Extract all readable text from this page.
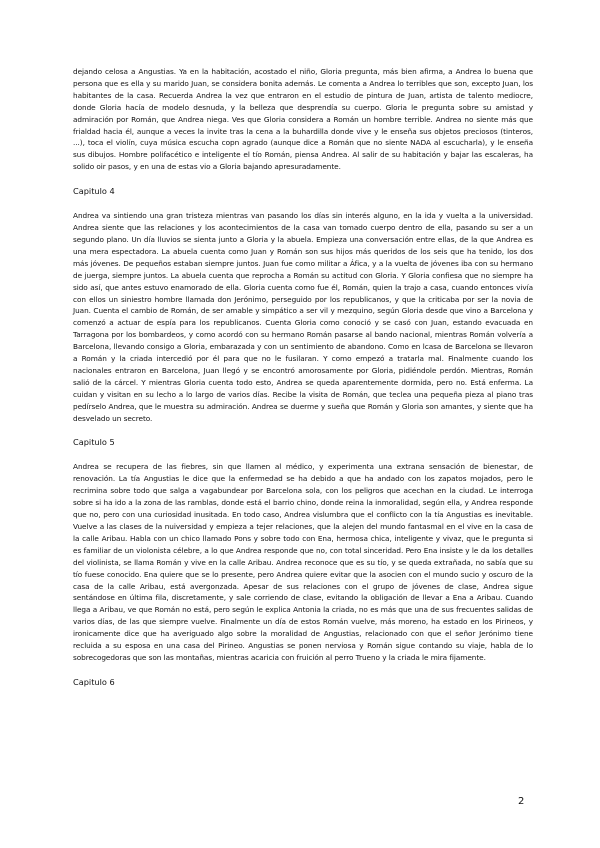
dejando celosa a Angustias. Ya en la habitación, acostado el niño, Gloria pregunta, más bien afirma, a Andrea lo buena que persona que es ella y su marido Juan, se considera bonita además. Le comenta a Andrea lo terribles que son, excepto Juan, los habitantes de la casa. Recuerda Andrea la vez que entraron en el estudio de pintura de Juan, artista de talento mediocre, donde Gloria hacía de modelo desnuda, y la belleza que desprendía su cuerpo. Gloria le pregunta sobre su amistad y admiración por Román, que Andrea niega. Ves que Gloria considera a Román un hombre terrible. Andrea no siente más que frialdad hacia él, aunque a veces la invite tras la cena a la buhardilla donde vive y le enseña sus objetos preciosos (tinteros, ...), toca el violín, cuya música escucha copn agrado (aunque dice a Román que no siente NADA al escucharla), y le enseña sus dibujos. Hombre polifacético e inteligente el tío Román, piensa Andrea. Al salir de su habitación y bajar las escaleras, ha solido oir pasos, y en una de estas vio a Gloria bajando apresuradamente.

Capitulo 4

Andrea va sintiendo una gran tristeza mientras van pasando los días sin interés alguno, en la ida y vuelta a la universidad. Andrea siente que las relaciones y los acontecimientos de la casa van tomado cuerpo dentro de ella, pasando su ser a un segundo plano. Un día lluvios se sienta junto a Gloria y la abuela. Empieza una conversación entre ellas, de la que Andrea es una mera espectadora. La abuela cuenta como Juan y Román son sus hijos más queridos de los seis que ha tenido, los dos más jóvenes. De pequeños estaban siempre juntos. Juan fue como militar a Áfica, y a la vuelta de jóvenes iba con su hermano de juerga, siempre juntos. La abuela cuenta que reprocha a Román su actitud con Gloria. Y Gloria confiesa que no siempre ha sido así, que antes estuvo enamorado de ella. Gloria cuenta como fue él, Román, quien la trajo a casa, cuando entonces vivía con ellos un siniestro hombre llamada don Jerónimo, perseguido por los republicanos, y que la criticaba por ser la novia de Juan. Cuenta el cambio de Román, de ser amable y simpático a ser vil y mezquino, según Gloria desde que vino a Barcelona y comenzó a actuar de espía para los republicanos. Cuenta Gloria como conoció y se casó con Juan, estando evacuada en Tarragona por los bombardeos, y como acordó con su hermano Román pasarse al bando nacional, mientras Román volvería a Barcelona, llevando consigo a Gloria, embarazada y con un sentimiento de abandono. Como en lcasa de Barcelona se llevaron a Román y la criada intercedió por él para que no le fusilaran. Y como empezó a tratarla mal. Finalmente cuando los nacionales entraron en Barcelona, Juan llegó y se encontró amorosamente por Gloria, pidiéndole perdón. Mientras, Román salió de la cárcel. Y mientras Gloria cuenta todo esto, Andrea se queda aparentemente dormida, pero no. Está enferma. La cuidan y visitan en su lecho a lo largo de varios días. Recibe la visita de Román, que teclea una pequeña pieza al piano tras pedírselo Andrea, que le muestra su admiración. Andrea se duerme y sueña que Román y Gloria son amantes, y siente que ha desvelado un secreto.

Capitulo 5

Andrea se recupera de las fiebres, sin que llamen al médico, y experimenta una extrana sensación de bienestar, de renovación. La tía Angustias le dice que la enfermedad se ha debido a que ha andado con los zapatos mojados, pero le recrimina sobre todo que salga a vagabundear por Barcelona sola, con los peligros que acechan en la ciudad. Le interroga sobre si ha ido a la zona de las ramblas, donde está el barrio chino, donde reina la inmoralidad, según ella, y Andrea responde que no, pero con una curiosidad inusitada. En todo caso, Andrea vislumbra que el conflicto con la tía Angustias es inevitable. Vuelve a las clases de la nuiversidad y empieza a tejer relaciones, que la alejen del mundo fantasmal en el vive en la casa de la calle Aribau. Habla con un chico llamado Pons y sobre todo con Ena, hermosa chica, inteligente y vivaz, que le pregunta si es familiar de un violonista célebre, a lo que Andrea responde que no, con total sinceridad. Pero Ena insiste y le da los detalles del violinista, se llama Román y vive en la calle Aribau. Andrea reconoce que es su tío, y se queda extrañada, no sabía que su tío fuese conocido. Ena quiere que se lo presente, pero Andrea quiere evitar que la asocien con el mundo sucio y oscuro de la casa de la calle Aribau, está avergonzada. Apesar de sus relaciones con el grupo de jóvenes de clase, Andrea sigue sentándose en última fila, discretamente, y sale corriendo de clase, evitando la obligación de llevar a Ena a Aribau. Cuando llega a Aribau, ve que Román no está, pero según le explica Antonia la criada, no es más que una de sus frecuentes salidas de varios días, de las que siempre vuelve. Finalmente un día de estos Román vuelve, más moreno, ha estado en los Pirineos, y ironicamente dice que ha averiguado algo sobre la moralidad de Angustias, relacionado con que el señor Jerónimo tiene recluida a su esposa en una casa del Pirineo. Angustias se ponen nerviosa y Román sigue contando su viaje, habla de lo sobrecogedoras que son las montañas, mientras acaricia con fruición al perro Trueno y la criada le mira fijamente.

Capitulo 6
2
